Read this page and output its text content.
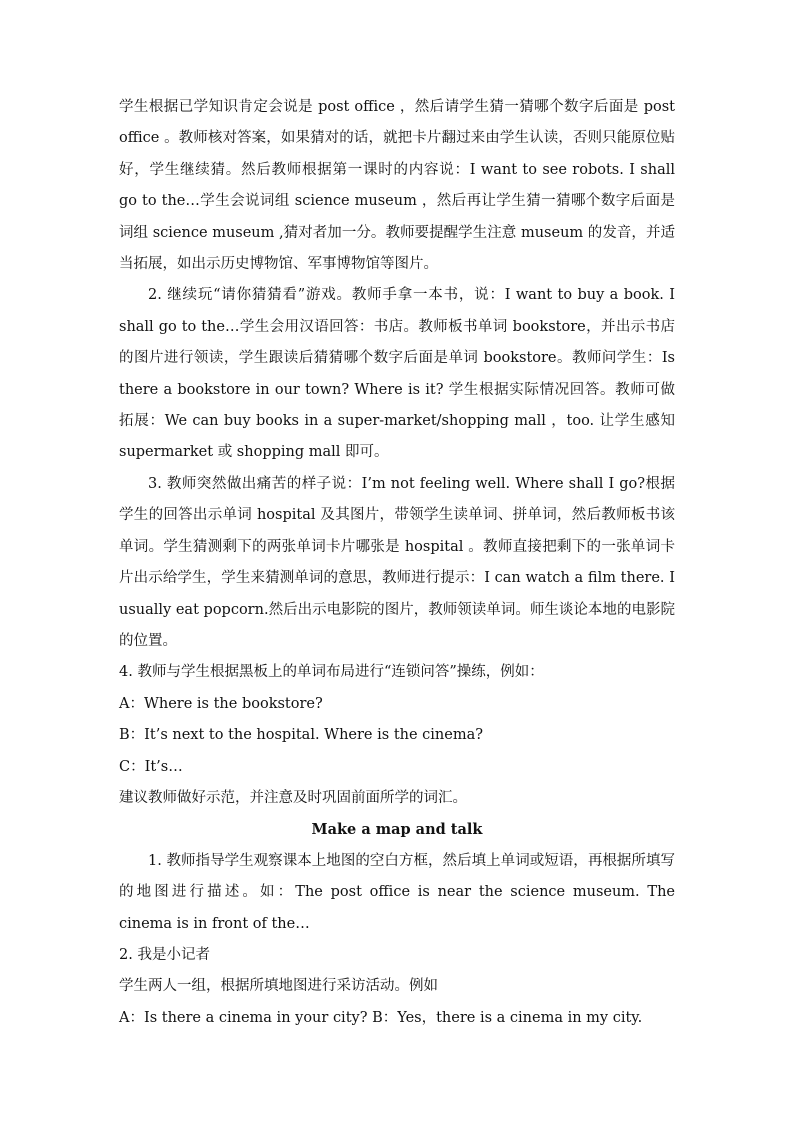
学生根据已学知识肯定会说是 post office ，然后请学生猜一猜哪个数字后面是 post office 。教师核对答案，如果猜对的话，就把卡片翻过来由学生认读，否则只能原位贴好，学生继续猜。然后教师根据第一课时的内容说：I want to see robots. I shall go to the…学生会说词组 science museum ，然后再让学生猜一猜哪个数字后面是词组 science museum ,猜对者加一分。教师要提醒学生注意 museum 的发音，并适当拓展，如出示历史博物馆、军事博物馆等图片。

2. 继续玩“请你猜猜看”游戏。教师手拿一本书，说：I want to buy a book. I shall go to the…学生会用汉语回答：书店。教师板书单词 bookstore，并出示书店的图片进行领读，学生跟读后猜猜哪个数字后面是单词 bookstore。教师问学生：Is there a bookstore in our town? Where is it? 学生根据实际情况回答。教师可做拓展：We can buy books in a super-market/shopping mall ，too. 让学生感知 supermarket 或 shopping mall 即可。

3. 教师突然做出痛苦的样子说：I’m not feeling well. Where shall I go?根据学生的回答出示单词 hospital 及其图片，带领学生读单词、拼单词，然后教师板书该单词。学生猜测剩下的两张单词卡片哪张是 hospital 。教师直接把剩下的一张单词卡片出示给学生，学生来猜测单词的意思，教师进行提示：I can watch a film there. I usually eat popcorn.然后出示电影院的图片，教师领读单词。师生谈论本地的电影院的位置。

4. 教师与学生根据黑板上的单词布局进行“连锁问答”操练，例如：

A：Where is the bookstore?

B：It’s next to the hospital. Where is the cinema?

C：It’s…

建议教师做好示范，并注意及时巩固前面所学的词汇。

Make a map and talk

1. 教师指导学生观察课本上地图的空白方框，然后填上单词或短语，再根据所填写的地图进行描述。如：The post office is near the science museum. The cinema is in front of the…

2. 我是小记者

学生两人一组，根据所填地图进行采访活动。例如

A：Is there a cinema in your city? B：Yes，there is a cinema in my city.
